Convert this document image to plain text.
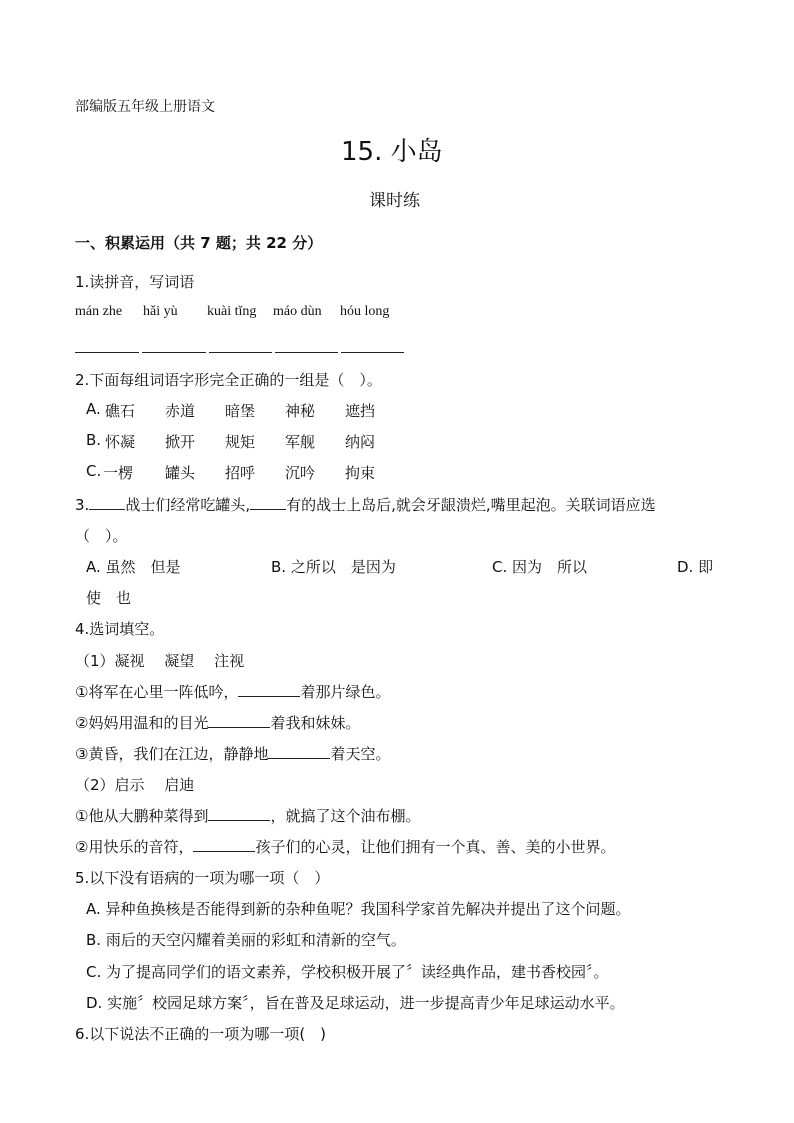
部编版五年级上册语文
15. 小岛
课时练
一、积累运用（共 7 题；共 22 分）
1.读拼音，写词语
mán zhe hǎi yù kuài tǐng máo dùn hóu long
2.下面每组词语字形完全正确的一组是（　）。
A. 礁石 赤道 暗堡 神秘 遮挡
B. 怀凝 掀开 规矩 军舰 纳闷
C. 一楞 罐头 招呼 沉吟 拘束
3. 战士们经常吃罐头, 有的战士上岛后,就会牙龈溃烂,嘴里起泡。关联词语应选
（　）。
A. 虽然　但是	B. 之所以　是因为	C. 因为　所以	D. 即
使　也
4.选词填空。
（1）凝视　 凝望　 注视
①将军在心里一阵低吟，	着那片绿色。
②妈妈用温和的目光	着我和妹妹。
③黄昏，我们在江边，静静地	着天空。
（2）启示　 启迪
①他从大鹏种菜得到	，就搞了这个油布棚。
②用快乐的音符，	孩子们的心灵，让他们拥有一个真、善、美的小世界。
5.以下没有语病的一项为哪一项（　）
A. 异种鱼换核是否能得到新的杂种鱼呢？我国科学家首先解决并提出了这个问题。
B. 雨后的天空闪耀着美丽的彩虹和清新的空气。
C. 为了提高同学们的语文素养，学校积极开展了〞读经典作品，建书香校园〞。
D. 实施〞校园足球方案〞，旨在普及足球运动，进一步提高青少年足球运动水平。
6.以下说法不正确的一项为哪一项(　)
